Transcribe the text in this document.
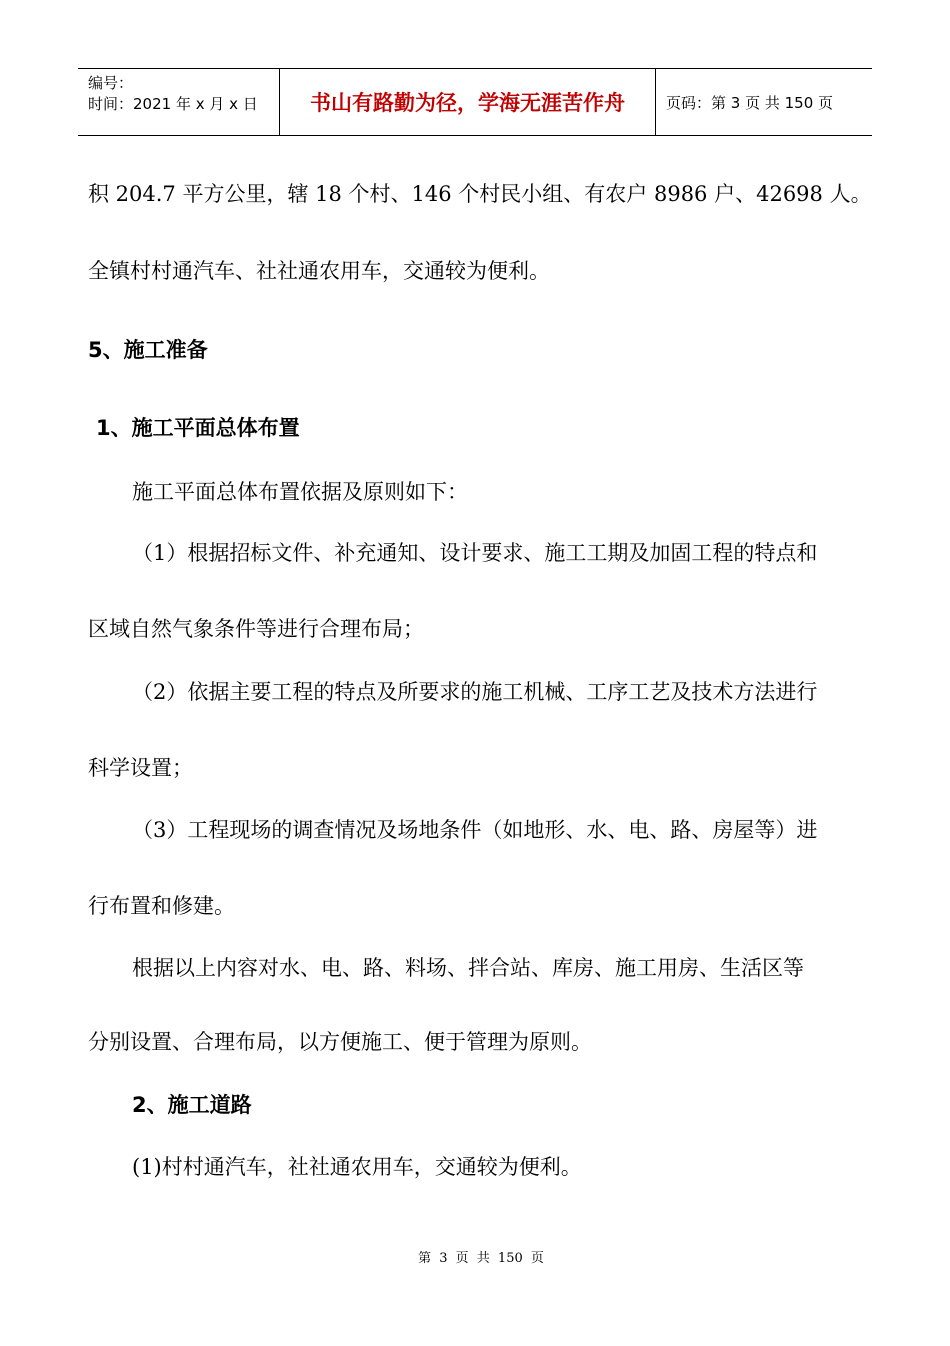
编号：
时间：2021 年 x 月 x 日	书山有路勤为径，学海无涯苦作舟	页码：第 3 页 共 150 页
积 204.7 平方公里，辖 18 个村、146 个村民小组、有农户 8986 户、42698 人。
全镇村村通汽车、社社通农用车，交通较为便利。
5、施工准备
1、施工平面总体布置
施工平面总体布置依据及原则如下：
（1）根据招标文件、补充通知、设计要求、施工工期及加固工程的特点和
区域自然气象条件等进行合理布局；
（2）依据主要工程的特点及所要求的施工机械、工序工艺及技术方法进行
科学设置；
（3）工程现场的调查情况及场地条件（如地形、水、电、路、房屋等）进
行布置和修建。
根据以上内容对水、电、路、料场、拌合站、库房、施工用房、生活区等
分别设置、合理布局，以方便施工、便于管理为原则。
2、施工道路
(1)村村通汽车，社社通农用车，交通较为便利。
第 3 页 共 150 页
